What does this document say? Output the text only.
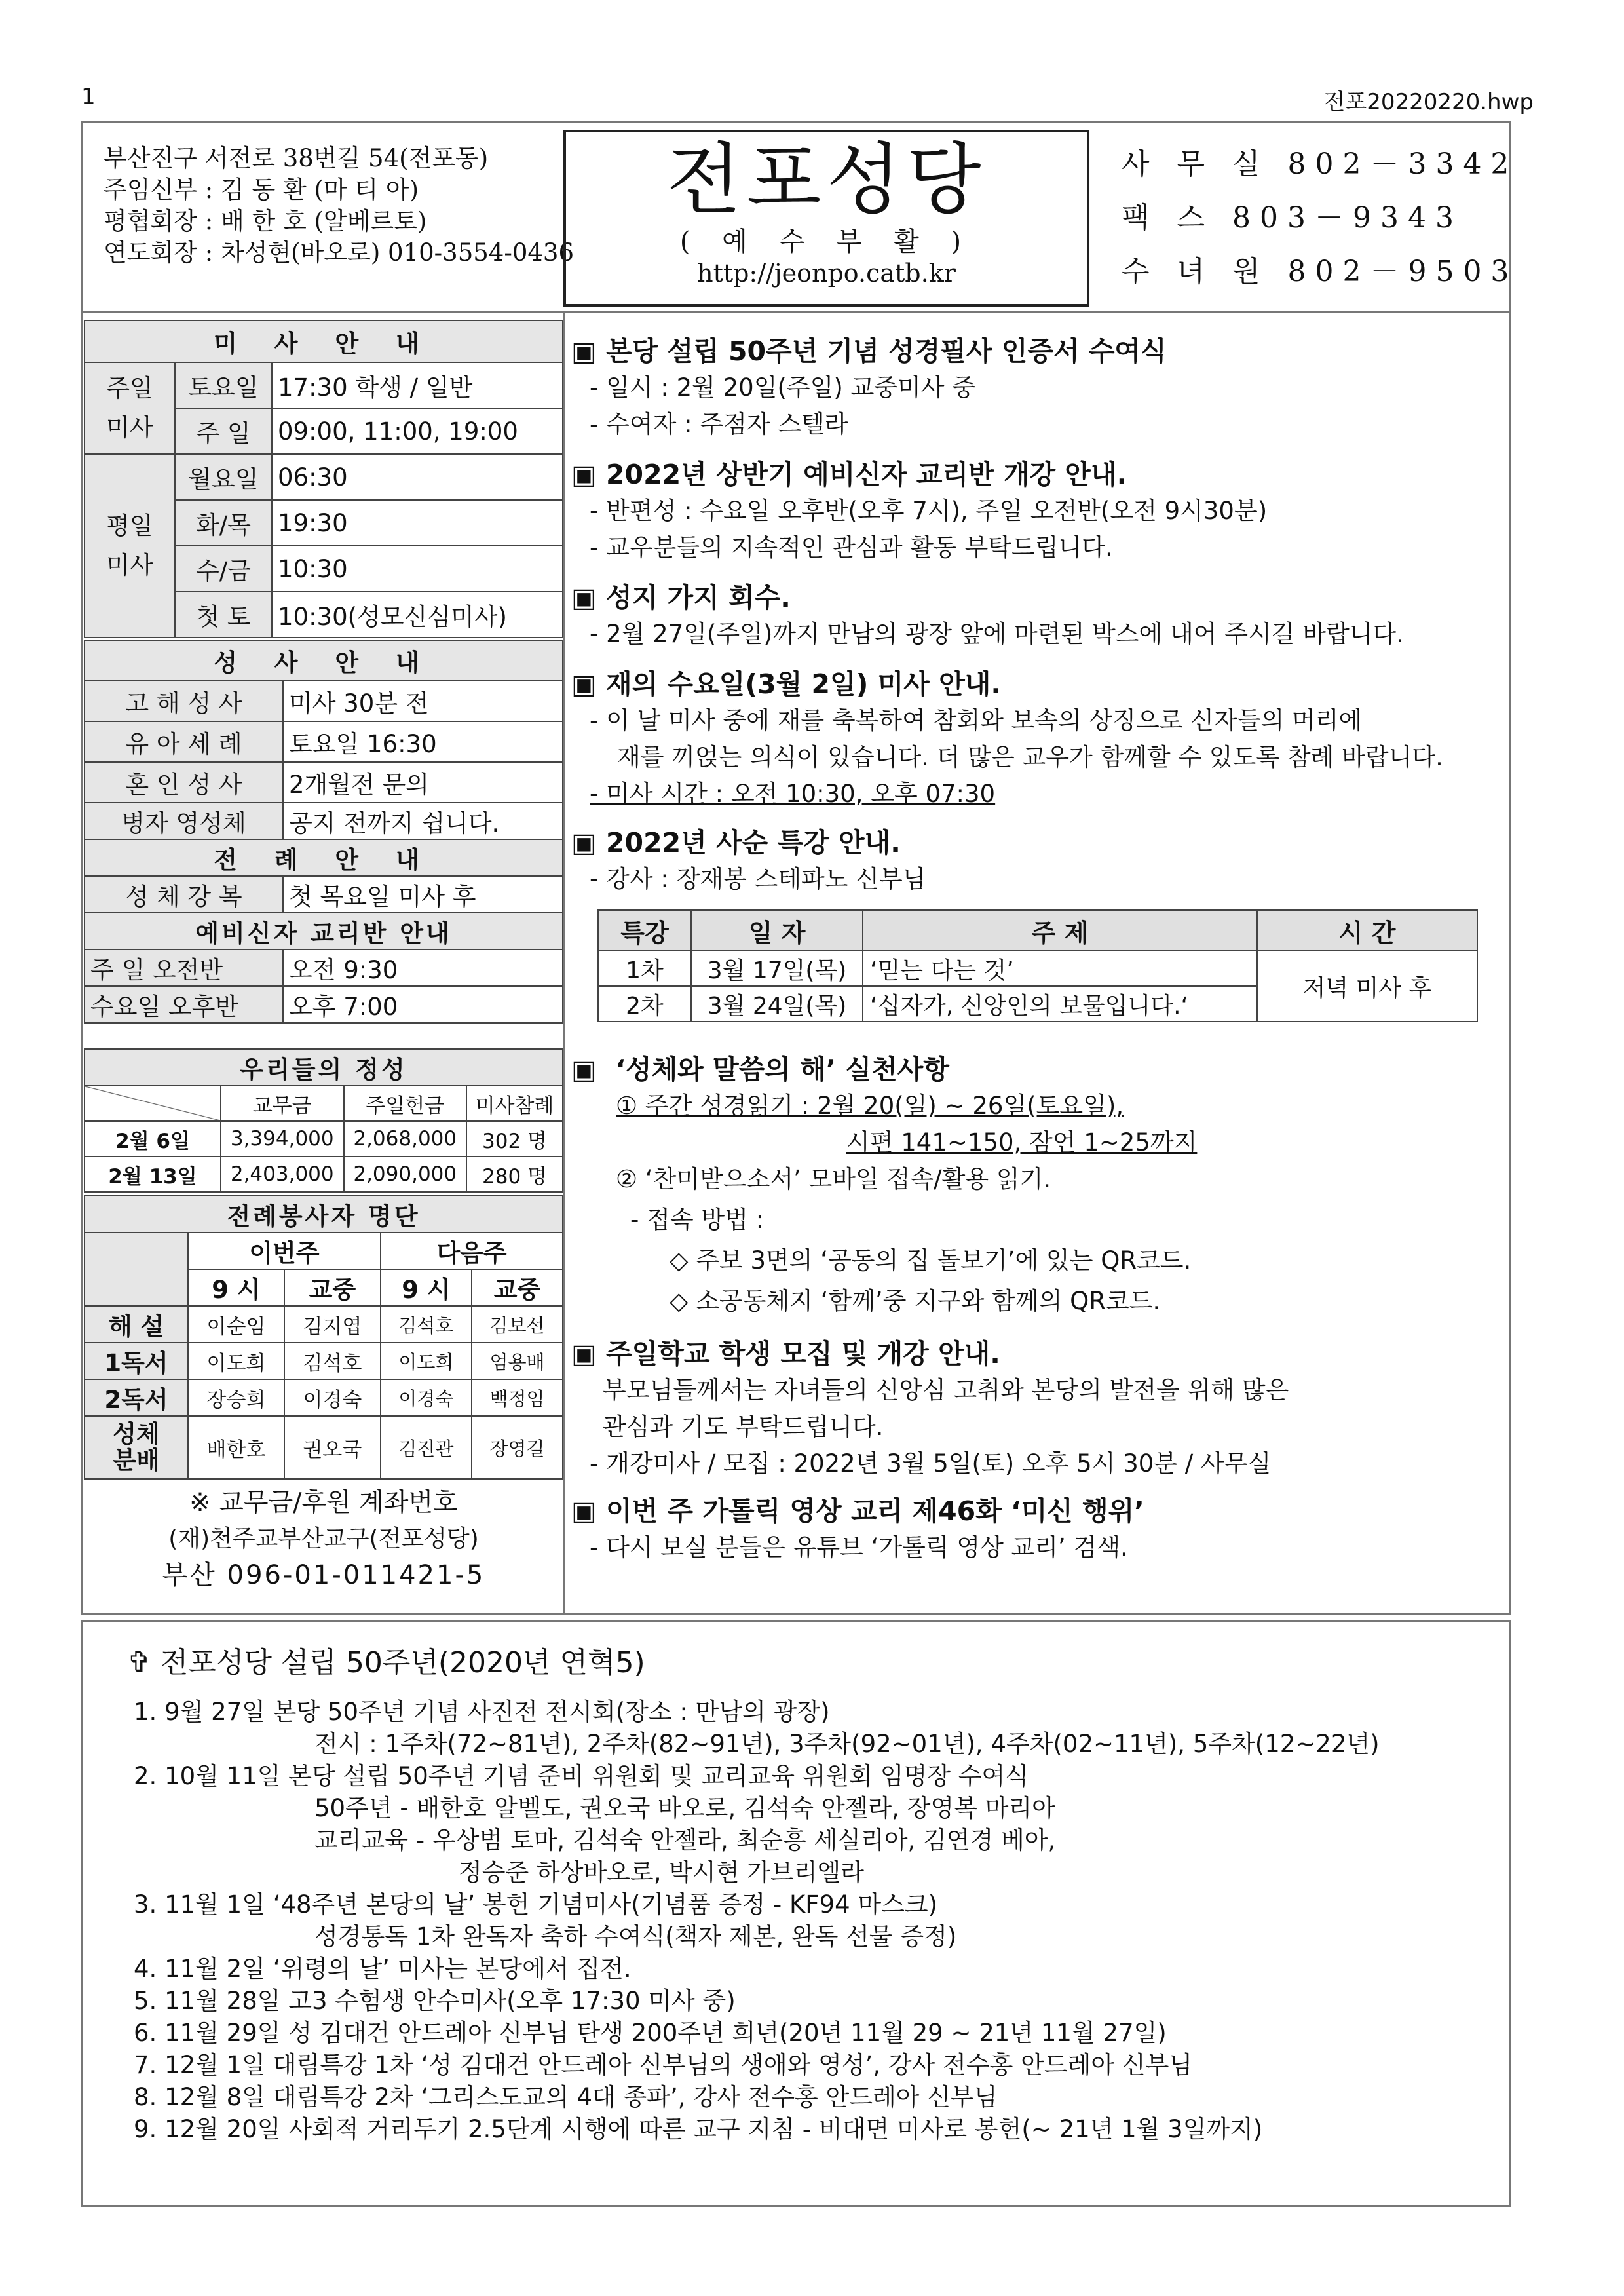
1	전포20220220.hwp
부산진구 서전로 38번길 54(전포동)
주임신부 : 김 동 환 (마 티 아)
평협회장 : 배 한 호 (알베르토)
연도회장 : 차성현(바오로) 010-3554-0436
전포성당
( 예 수 부 활 )
http://jeonpo.catb.kr
사 무 실 802－3342
팩 스 803－9343
수 녀 원 802－9503
미 사 안 내		
주일
미사	토요일	17:30 학생 / 일반
	주 일	09:00, 11:00, 19:00
평일
미사	월요일	06:30
	화/목	19:30
	수/금	10:30
	첫 토	10:30(성모신심미사)
성 사 안 내	
고 해 성 사	미사 30분 전
유 아 세 례	토요일 16:30
혼 인 성 사	2개월전 문의
병자 영성체	공지 전까지 쉽니다.
전 례 안 내	
성 체 강 복	첫 목요일 미사 후
예비신자 교리반 안내	
주 일 오전반	오전 9:30
수요일 오후반	오후 7:00
우리들의 정성			
	교무금	주일헌금	미사참례
2월 6일	3,394,000	2,068,000	302 명
2월 13일	2,403,000	2,090,000	280 명
전례봉사자 명단				
	이번주		다음주	
	9 시	교중	9 시	교중
해 설	이순임	김지엽	김석호	김보선
1독서	이도희	김석호	이도희	엄용배
2독서	장승희	이경숙	이경숙	백정임
성체
분배	배한호	권오국	김진관	장영길
※ 교무금/후원 계좌번호
(재)천주교부산교구(전포성당)
부산 096-01-011421-5
▣ 본당 설립 50주년 기념 성경필사 인증서 수여식
- 일시 : 2월 20일(주일) 교중미사 중
- 수여자 : 주점자 스텔라
▣ 2022년 상반기 예비신자 교리반 개강 안내.
- 반편성 : 수요일 오후반(오후 7시), 주일 오전반(오전 9시30분)
- 교우분들의 지속적인 관심과 활동 부탁드립니다.
▣ 성지 가지 회수.
- 2월 27일(주일)까지 만남의 광장 앞에 마련된 박스에 내어 주시길 바랍니다.
▣ 재의 수요일(3월 2일) 미사 안내.
- 이 날 미사 중에 재를 축복하여 참회와 보속의 상징으로 신자들의 머리에
재를 끼얹는 의식이 있습니다. 더 많은 교우가 함께할 수 있도록 참례 바랍니다.
- 미사 시간 : 오전 10:30, 오후 07:30
▣ 2022년 사순 특강 안내.
- 강사 : 장재봉 스테파노 신부님
특강	일 자	주 제	시 간
1차	3월 17일(목)	‘믿는 다는 것’	저녁 미사 후
2차	3월 24일(목)	‘십자가, 신앙인의 보물입니다.‘	
▣ ‘성체와 말씀의 해’ 실천사항
① 주간 성경읽기 : 2월 20(일) ~ 26일(토요일),
시편 141~150, 잠언 1~25까지
② ‘찬미받으소서’ 모바일 접속/활용 읽기.
- 접속 방법 :
◇ 주보 3면의 ‘공동의 집 돌보기’에 있는 QR코드.
◇ 소공동체지 ‘함께’중 지구와 함께의 QR코드.
▣ 주일학교 학생 모집 및 개강 안내.
부모님들께서는 자녀들의 신앙심 고취와 본당의 발전을 위해 많은
관심과 기도 부탁드립니다.
- 개강미사 / 모집 : 2022년 3월 5일(토) 오후 5시 30분 / 사무실
▣ 이번 주 가톨릭 영상 교리 제46화 ‘미신 행위’
- 다시 보실 분들은 유튜브 ‘가톨릭 영상 교리’ 검색.
✞ 전포성당 설립 50주년(2020년 연혁5)
1. 9월 27일 본당 50주년 기념 사진전 전시회(장소 : 만남의 광장)
전시 : 1주차(72~81년), 2주차(82~91년), 3주차(92~01년), 4주차(02~11년), 5주차(12~22년)
2. 10월 11일 본당 설립 50주년 기념 준비 위원회 및 교리교육 위원회 임명장 수여식
50주년 - 배한호 알벨도, 권오국 바오로, 김석숙 안젤라, 장영복 마리아
교리교육 - 우상범 토마, 김석숙 안젤라, 최순흥 세실리아, 김연경 베아,
정승준 하상바오로, 박시현 가브리엘라
3. 11월 1일 ‘48주년 본당의 날’ 봉헌 기념미사(기념품 증정 - KF94 마스크)
성경통독 1차 완독자 축하 수여식(책자 제본, 완독 선물 증정)
4. 11월 2일 ‘위령의 날’ 미사는 본당에서 집전.
5. 11월 28일 고3 수험생 안수미사(오후 17:30 미사 중)
6. 11월 29일 성 김대건 안드레아 신부님 탄생 200주년 희년(20년 11월 29 ~ 21년 11월 27일)
7. 12월 1일 대림특강 1차 ‘성 김대건 안드레아 신부님의 생애와 영성’, 강사 전수홍 안드레아 신부님
8. 12월 8일 대림특강 2차 ‘그리스도교의 4대 종파’, 강사 전수홍 안드레아 신부님
9. 12월 20일 사회적 거리두기 2.5단계 시행에 따른 교구 지침 - 비대면 미사로 봉헌(~ 21년 1월 3일까지)
